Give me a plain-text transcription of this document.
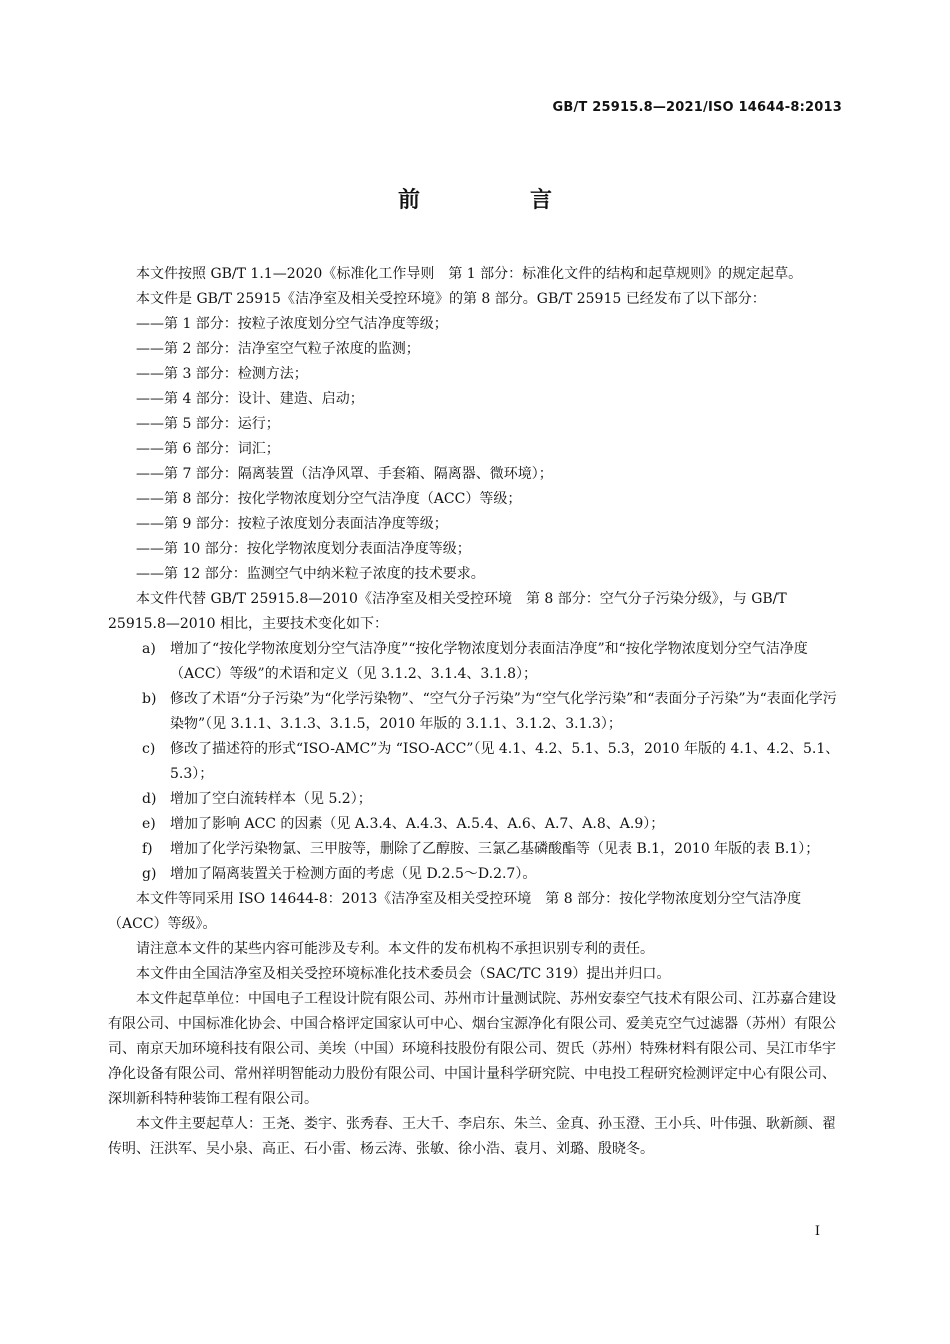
GB/T 25915.8—2021/ISO 14644-8:2013
前　言

本文件按照 GB/T 1.1—2020《标准化工作导则　第 1 部分：标准化文件的结构和起草规则》的规定起草。

本文件是 GB/T 25915《洁净室及相关受控环境》的第 8 部分。GB/T 25915 已经发布了以下部分：

——第 1 部分：按粒子浓度划分空气洁净度等级；

——第 2 部分：洁净室空气粒子浓度的监测；

——第 3 部分：检测方法；

——第 4 部分：设计、建造、启动；

——第 5 部分：运行；

——第 6 部分：词汇；

——第 7 部分：隔离装置（洁净风罩、手套箱、隔离器、微环境）；

——第 8 部分：按化学物浓度划分空气洁净度（ACC）等级；

——第 9 部分：按粒子浓度划分表面洁净度等级；

——第 10 部分：按化学物浓度划分表面洁净度等级；

——第 12 部分：监测空气中纳米粒子浓度的技术要求。

本文件代替 GB/T 25915.8—2010《洁净室及相关受控环境　第 8 部分：空气分子污染分级》，与 GB/T 25915.8—2010 相比，主要技术变化如下：

a) 增加了“按化学物浓度划分空气洁净度”“按化学物浓度划分表面洁净度”和“按化学物浓度划分空气洁净度（ACC）等级”的术语和定义（见 3.1.2、3.1.4、3.1.8）；

b) 修改了术语“分子污染”为“化学污染物”、“空气分子污染”为“空气化学污染”和“表面分子污染”为“表面化学污染物”（见 3.1.1、3.1.3、3.1.5，2010 年版的 3.1.1、3.1.2、3.1.3）；

c) 修改了描述符的形式“ISO-AMC”为 “ISO-ACC”（见 4.1、4.2、5.1、5.3，2010 年版的 4.1、4.2、5.1、5.3）；

d) 增加了空白流转样本（见 5.2）；

e) 增加了影响 ACC 的因素（见 A.3.4、A.4.3、A.5.4、A.6、A.7、A.8、A.9）；

f) 增加了化学污染物氯、三甲胺等，删除了乙醇胺、三氯乙基磷酸酯等（见表 B.1，2010 年版的表 B.1）；

g) 增加了隔离装置关于检测方面的考虑（见 D.2.5～D.2.7）。

本文件等同采用 ISO 14644-8：2013《洁净室及相关受控环境　第 8 部分：按化学物浓度划分空气洁净度（ACC）等级》。

请注意本文件的某些内容可能涉及专利。本文件的发布机构不承担识别专利的责任。

本文件由全国洁净室及相关受控环境标准化技术委员会（SAC/TC 319）提出并归口。

本文件起草单位：中国电子工程设计院有限公司、苏州市计量测试院、苏州安泰空气技术有限公司、江苏嘉合建设有限公司、中国标准化协会、中国合格评定国家认可中心、烟台宝源净化有限公司、爱美克空气过滤器（苏州）有限公司、南京天加环境科技有限公司、美埃（中国）环境科技股份有限公司、贺氏（苏州）特殊材料有限公司、吴江市华宇净化设备有限公司、常州祥明智能动力股份有限公司、中国计量科学研究院、中电投工程研究检测评定中心有限公司、深圳新科特种装饰工程有限公司。

本文件主要起草人：王尧、娄宇、张秀春、王大千、李启东、朱兰、金真、孙玉澄、王小兵、叶伟强、耿新颜、翟传明、汪洪军、吴小泉、高正、石小雷、杨云涛、张敏、徐小浩、袁月、刘璐、殷晓冬。

I
